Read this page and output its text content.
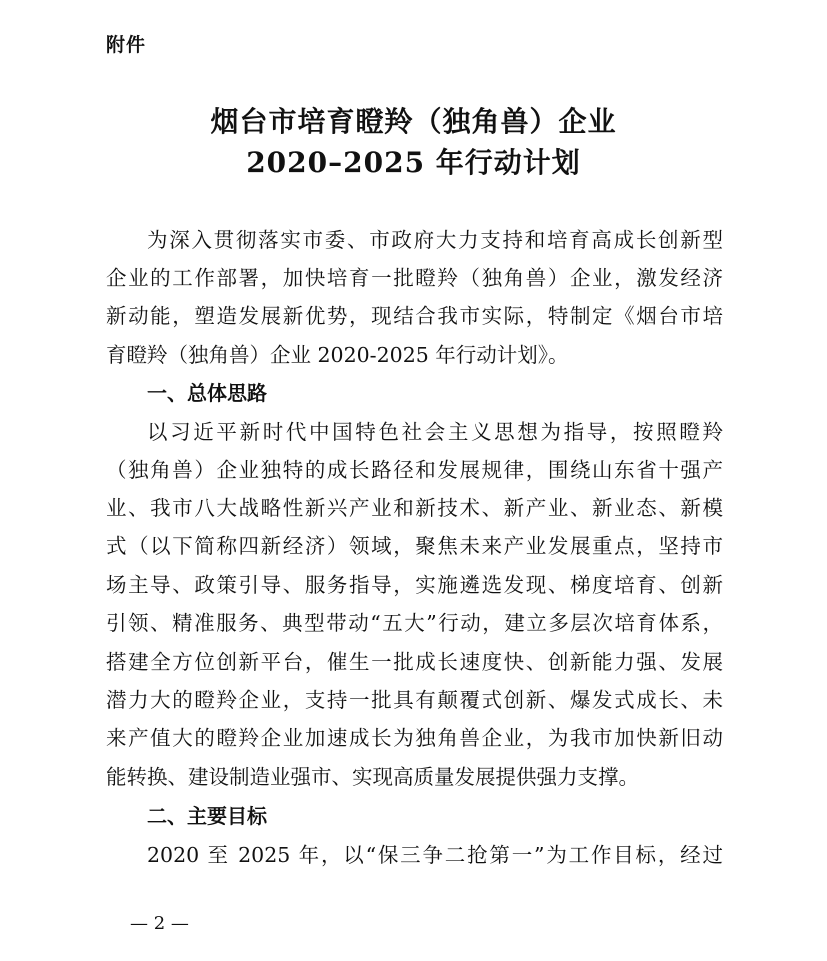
附件
烟台市培育瞪羚（独角兽）企业
2020–2025 年行动计划
为深入贯彻落实市委、市政府大力支持和培育高成长创新型
企业的工作部署，加快培育一批瞪羚（独角兽）企业，激发经济
新动能，塑造发展新优势，现结合我市实际，特制定《烟台市培
育瞪羚（独角兽）企业 2020-2025 年行动计划》。
一、总体思路
以习近平新时代中国特色社会主义思想为指导，按照瞪羚
（独角兽）企业独特的成长路径和发展规律，围绕山东省十强产
业、我市八大战略性新兴产业和新技术、新产业、新业态、新模
式（以下简称四新经济）领域，聚焦未来产业发展重点，坚持市
场主导、政策引导、服务指导，实施遴选发现、梯度培育、创新
引领、精准服务、典型带动“五大”行动，建立多层次培育体系，
搭建全方位创新平台，催生一批成长速度快、创新能力强、发展
潜力大的瞪羚企业，支持一批具有颠覆式创新、爆发式成长、未
来产值大的瞪羚企业加速成长为独角兽企业，为我市加快新旧动
能转换、建设制造业强市、实现高质量发展提供强力支撑。
二、主要目标
2020 至 2025 年，以“保三争二抢第一”为工作目标，经过
— 2 —
